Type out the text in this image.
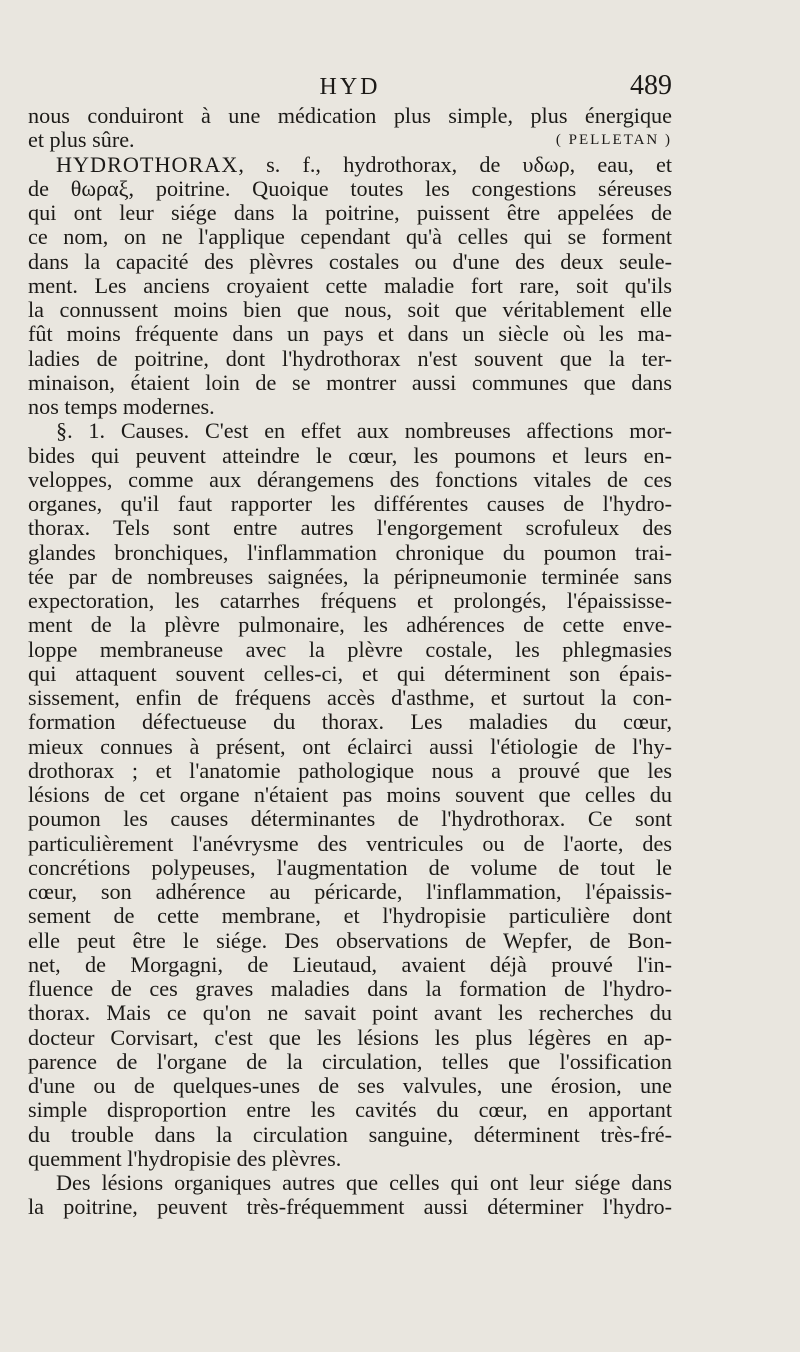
HYD	489
nous conduiront à une médication plus simple, plus énergique
et plus sûre.	( PELLETAN )
HYDROTHORAX, s. f., hydrothorax, de υδωρ, eau, et
de θωραξ, poitrine. Quoique toutes les congestions séreuses
qui ont leur siége dans la poitrine, puissent être appelées de
ce nom, on ne l'applique cependant qu'à celles qui se forment
dans la capacité des plèvres costales ou d'une des deux seule-
ment. Les anciens croyaient cette maladie fort rare, soit qu'ils
la connussent moins bien que nous, soit que véritablement elle
fût moins fréquente dans un pays et dans un siècle où les ma-
ladies de poitrine, dont l'hydrothorax n'est souvent que la ter-
minaison, étaient loin de se montrer aussi communes que dans
nos temps modernes.
§. 1. Causes. C'est en effet aux nombreuses affections mor-
bides qui peuvent atteindre le cœur, les poumons et leurs en-
veloppes, comme aux dérangemens des fonctions vitales de ces
organes, qu'il faut rapporter les différentes causes de l'hydro-
thorax. Tels sont entre autres l'engorgement scrofuleux des
glandes bronchiques, l'inflammation chronique du poumon trai-
tée par de nombreuses saignées, la péripneumonie terminée sans
expectoration, les catarrhes fréquens et prolongés, l'épaississe-
ment de la plèvre pulmonaire, les adhérences de cette enve-
loppe membraneuse avec la plèvre costale, les phlegmasies
qui attaquent souvent celles-ci, et qui déterminent son épais-
sissement, enfin de fréquens accès d'asthme, et surtout la con-
formation défectueuse du thorax. Les maladies du cœur,
mieux connues à présent, ont éclairci aussi l'étiologie de l'hy-
drothorax ; et l'anatomie pathologique nous a prouvé que les
lésions de cet organe n'étaient pas moins souvent que celles du
poumon les causes déterminantes de l'hydrothorax. Ce sont
particulièrement l'anévrysme des ventricules ou de l'aorte, des
concrétions polypeuses, l'augmentation de volume de tout le
cœur, son adhérence au péricarde, l'inflammation, l'épaissis-
sement de cette membrane, et l'hydropisie particulière dont
elle peut être le siége. Des observations de Wepfer, de Bon-
net, de Morgagni, de Lieutaud, avaient déjà prouvé l'in-
fluence de ces graves maladies dans la formation de l'hydro-
thorax. Mais ce qu'on ne savait point avant les recherches du
docteur Corvisart, c'est que les lésions les plus légères en ap-
parence de l'organe de la circulation, telles que l'ossification
d'une ou de quelques-unes de ses valvules, une érosion, une
simple disproportion entre les cavités du cœur, en apportant
du trouble dans la circulation sanguine, déterminent très-fré-
quemment l'hydropisie des plèvres.
Des lésions organiques autres que celles qui ont leur siége dans
la poitrine, peuvent très-fréquemment aussi déterminer l'hydro-
